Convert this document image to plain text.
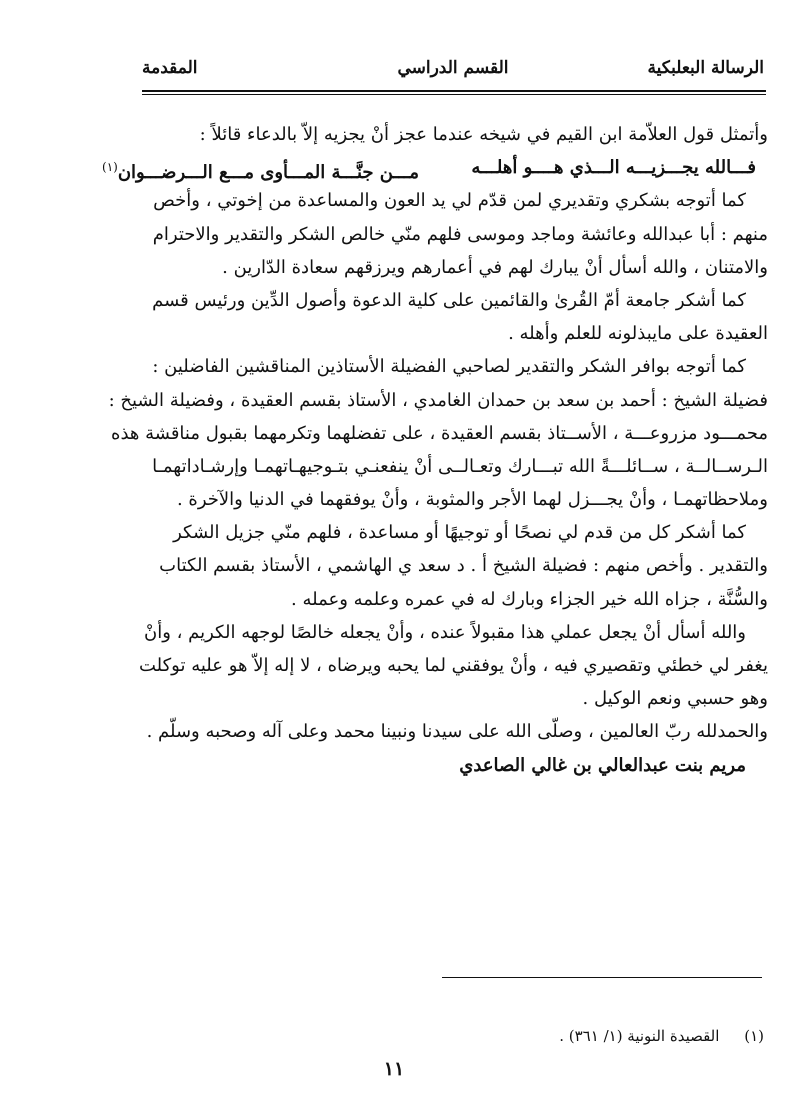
الرسالة البعلبكية
القسم الدراسي
المقدمة
وأتمثل قول العلاّمة ابن القيم في شيخه عندما عجز أنْ يجزيه إلاّ بالدعاء قائلاً :
فـــالله يجـــزيـــه الـــذي هــــو أهلـــه
مـــن جنَّـــة المـــأوى مـــع الـــرضـــوان$^{(١)}$
كما أتوجه بشكري وتقديري لمن قدّم لي يد العون والمساعدة من إخوتي ، وأخص
منهم : أبا عبدالله وعائشة وماجد وموسى فلهم منّي خالص الشكر والتقدير والاحترام
والامتنان ، والله أسأل أنْ يبارك لهم في أعمارهم ويرزقهم سعادة الدّارين .
كما أشكر جامعة أمّ القُرىٰ والقائمين على كلية الدعوة وأصول الدِّين ورئيس قسم
العقيدة على مايبذلونه للعلم وأهله .
كما أتوجه بوافر الشكر والتقدير لصاحبي الفضيلة الأستاذين المناقشين الفاضلين :
فضيلة الشيخ : أحمد بن سعد بن حمدان الغامدي ، الأستاذ بقسم العقيدة ، وفضيلة الشيخ :
محمـــود مزروعـــة ، الأســتاذ بقسم العقيدة ، على تفضلهما وتكرمهما بقبول مناقشة هذه
الـرســالــة ، ســائلـــةً الله تبـــارك وتعـالــى أنْ ينفعنـي بتـوجيهـاتهمـا وإرشـاداتهمـا
وملاحظاتهمـا ، وأنْ يجـــزل لهما الأجر والمثوبة ، وأنْ يوفقهما في الدنيا والآخرة .
كما أشكر كل من قدم لي نصحًا أو توجيهًا أو مساعدة ، فلهم منّي جزيل الشكر
والتقدير . وأخص منهم : فضيلة الشيخ أ . د سعد ي الهاشمي ، الأستاذ بقسم الكتاب
والسُّنَّة ، جزاه الله خير الجزاء وبارك له في عمره وعلمه وعمله .
والله أسأل أنْ يجعل عملي هذا مقبولاً عنده ، وأنْ يجعله خالصًا لوجهه الكريم ، وأنْ
يغفر لي خطئي وتقصيري فيه ، وأنْ يوفقني لما يحبه ويرضاه ، لا إله إلاّ هو عليه توكلت
وهو حسبي ونعم الوكيل .
والحمدلله ربّ العالمين ، وصلّى الله على سيدنا ونبينا محمد وعلى آله وصحبه وسلّم .
مريم بنت عبدالعالي بن غالي الصاعدي
(١) القصيدة النونية (١/ ٣٦١) .
١١
